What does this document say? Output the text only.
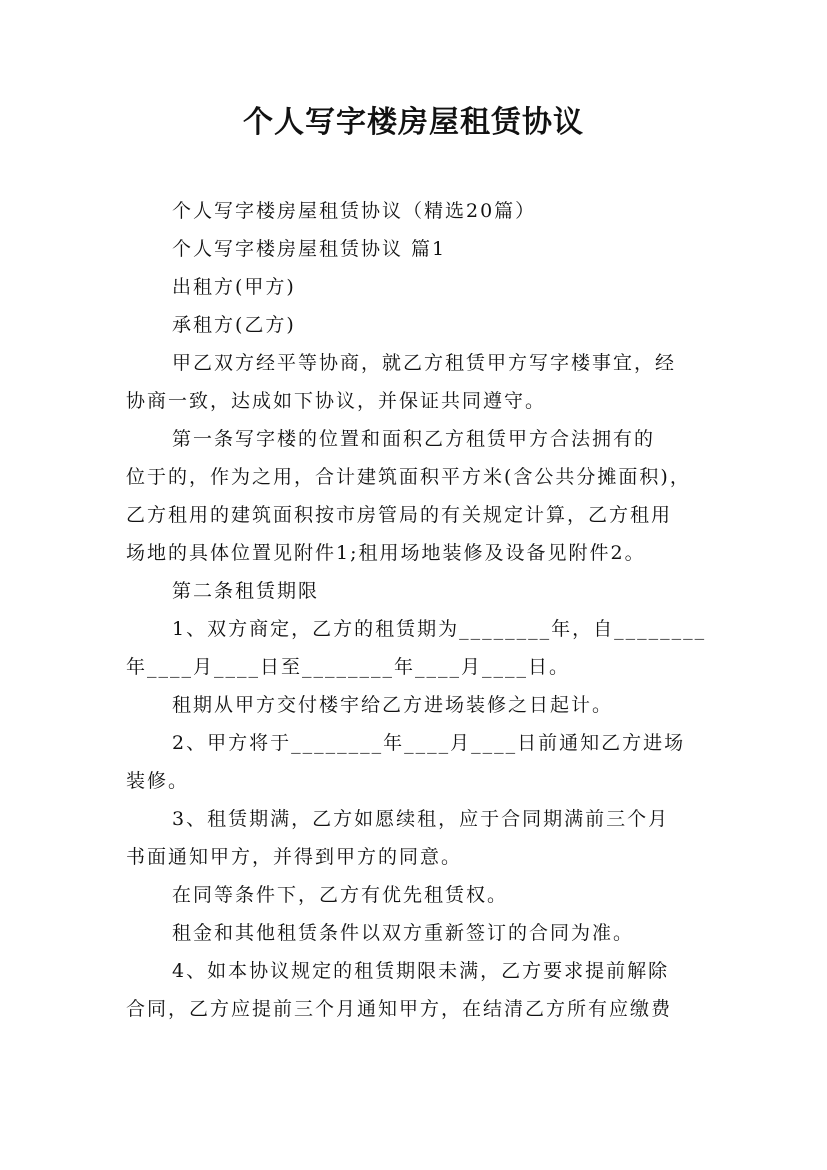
个人写字楼房屋租赁协议
个人写字楼房屋租赁协议（精选20篇）
个人写字楼房屋租赁协议 篇1
出租方(甲方)
承租方(乙方)
甲乙双方经平等协商，就乙方租赁甲方写字楼事宜，经
协商一致，达成如下协议，并保证共同遵守。
第一条写字楼的位置和面积乙方租赁甲方合法拥有的
位于的，作为之用，合计建筑面积平方米(含公共分摊面积)，
乙方租用的建筑面积按市房管局的有关规定计算，乙方租用
场地的具体位置见附件1;租用场地装修及设备见附件2。
第二条租赁期限
1、双方商定，乙方的租赁期为________年，自________
年____月____日至________年____月____日。
租期从甲方交付楼宇给乙方进场装修之日起计。
2、甲方将于________年____月____日前通知乙方进场
装修。
3、租赁期满，乙方如愿续租，应于合同期满前三个月
书面通知甲方，并得到甲方的同意。
在同等条件下，乙方有优先租赁权。
租金和其他租赁条件以双方重新签订的合同为准。
4、如本协议规定的租赁期限未满，乙方要求提前解除
合同，乙方应提前三个月通知甲方，在结清乙方所有应缴费
